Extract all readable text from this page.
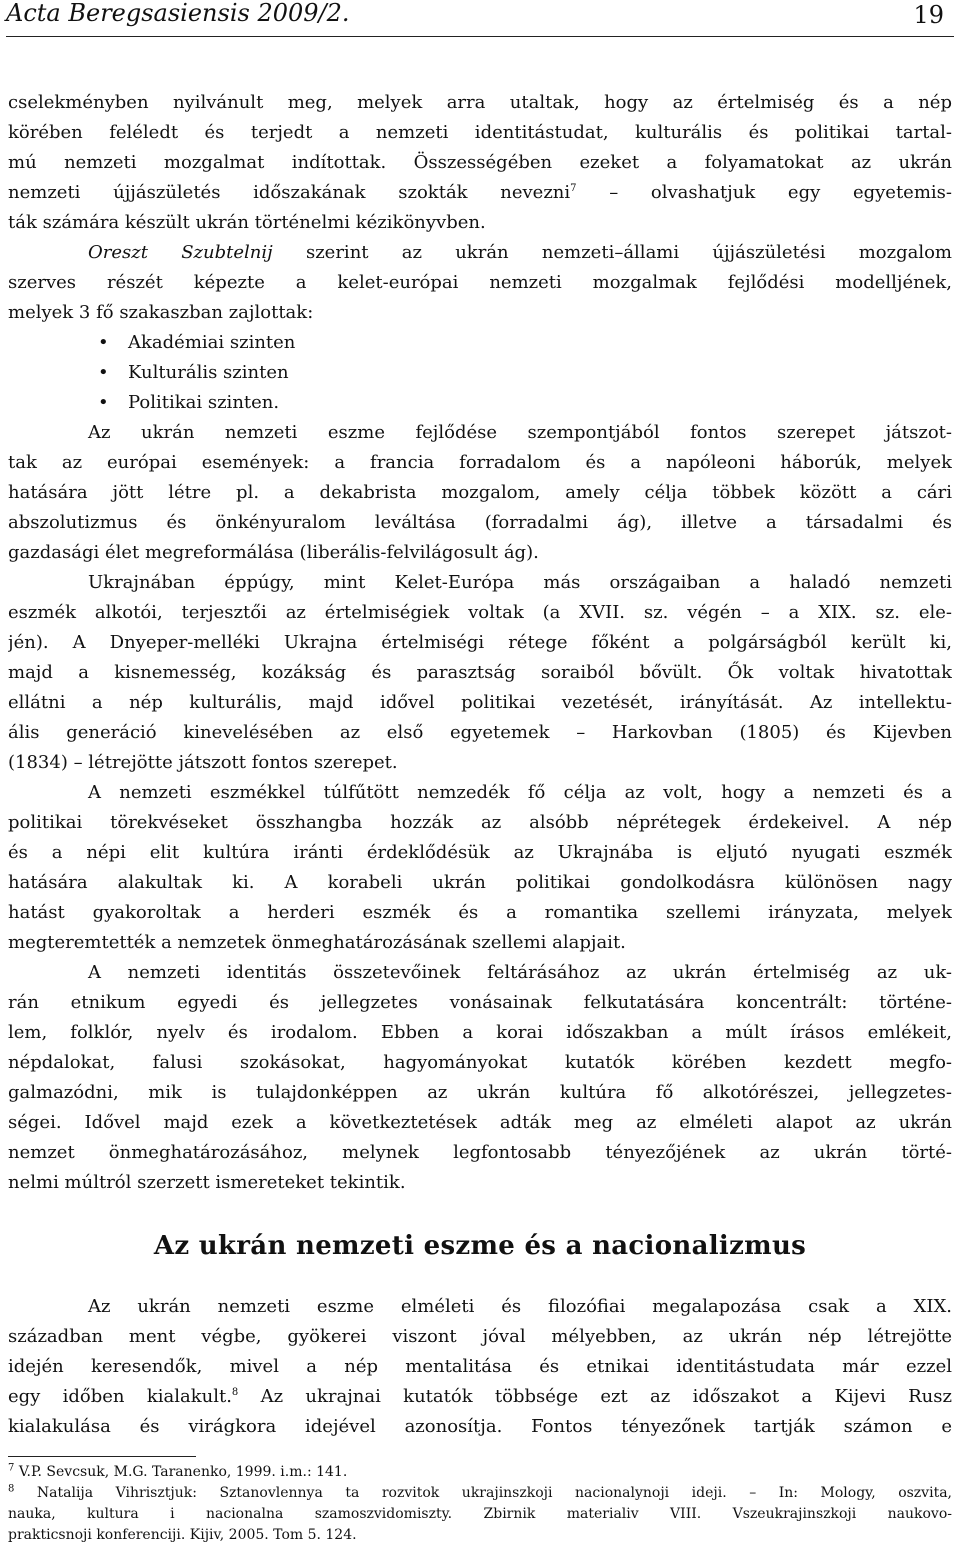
Acta Beregsasiensis 2009/2.	19
cselekményben nyilvánult meg, melyek arra utaltak, hogy az értelmiség és a nép
körében feléledt és terjedt a nemzeti identitástudat, kulturális és politikai tartal-
mú nemzeti mozgalmat indítottak. Összességében ezeket a folyamatokat az ukrán
nemzeti újjászületés időszakának szokták nevezni$^7$ – olvashatjuk egy egyetemis-
ták számára készült ukrán történelmi kézikönyvben.
Oreszt Szubtelnij szerint az ukrán nemzeti–állami újjászületési mozgalom
szerves részét képezte a kelet-európai nemzeti mozgalmak fejlődési modelljének,
melyek 3 fő szakaszban zajlottak:
• Akadémiai szinten
• Kulturális szinten
• Politikai szinten.
Az ukrán nemzeti eszme fejlődése szempontjából fontos szerepet játszot-
tak az európai események: a francia forradalom és a napóleoni háborúk, melyek
hatására jött létre pl. a dekabrista mozgalom, amely célja többek között a cári
abszolutizmus és önkényuralom leváltása (forradalmi ág), illetve a társadalmi és
gazdasági élet megreformálása (liberális-felvilágosult ág).
Ukrajnában éppúgy, mint Kelet-Európa más országaiban a haladó nemzeti
eszmék alkotói, terjesztői az értelmiségiek voltak (a XVII. sz. végén – a XIX. sz. ele-
jén). A Dnyeper-melléki Ukrajna értelmiségi rétege főként a polgárságból került ki,
majd a kisnemesség, kozákság és parasztság soraiból bővült. Ők voltak hivatottak
ellátni a nép kulturális, majd idővel politikai vezetését, irányítását. Az intellektu-
ális generáció kinevelésében az első egyetemek – Harkovban (1805) és Kijevben
(1834) – létrejötte játszott fontos szerepet.
A nemzeti eszmékkel túlfűtött nemzedék fő célja az volt, hogy a nemzeti és a
politikai törekvéseket összhangba hozzák az alsóbb néprétegek érdekeivel. A nép
és a népi elit kultúra iránti érdeklődésük az Ukrajnába is eljutó nyugati eszmék
hatására alakultak ki. A korabeli ukrán politikai gondolkodásra különösen nagy
hatást gyakoroltak a herderi eszmék és a romantika szellemi irányzata, melyek
megteremtették a nemzetek önmeghatározásának szellemi alapjait.
A nemzeti identitás összetevőinek feltárásához az ukrán értelmiség az uk-
rán etnikum egyedi és jellegzetes vonásainak felkutatására koncentrált: történe-
lem, folklór, nyelv és irodalom. Ebben a korai időszakban a múlt írásos emlékeit,
népdalokat, falusi szokásokat, hagyományokat kutatók körében kezdett megfo-
galmazódni, mik is tulajdonképpen az ukrán kultúra fő alkotórészei, jellegzetes-
ségei. Idővel majd ezek a következtetések adták meg az elméleti alapot az ukrán
nemzet önmeghatározásához, melynek legfontosabb tényezőjének az ukrán törté-
nelmi múltról szerzett ismereteket tekintik.
Az ukrán nemzeti eszme és a nacionalizmus
Az ukrán nemzeti eszme elméleti és filozófiai megalapozása csak a XIX.
században ment végbe, gyökerei viszont jóval mélyebben, az ukrán nép létrejötte
idején keresendők, mivel a nép mentalitása és etnikai identitástudata már ezzel
egy időben kialakult.$^8$ Az ukrajnai kutatók többsége ezt az időszakot a Kijevi Rusz
kialakulása és virágkora idejével azonosítja. Fontos tényezőnek tartják számon e
$^7$ V.P. Sevcsuk, M.G. Taranenko, 1999. i.m.: 141.
$^8$ Natalija Vihrisztjuk: Sztanovlennya ta rozvitok ukrajinszkoji nacionalynoji ideji. – In: Mology, oszvita,
nauka, kultura i nacionalna szamoszvidomiszty. Zbirnik materialiv VIII. Vszeukrajinszkoji naukovo-
prakticsnoji konferenciji. Kijiv, 2005. Tom 5. 124.
